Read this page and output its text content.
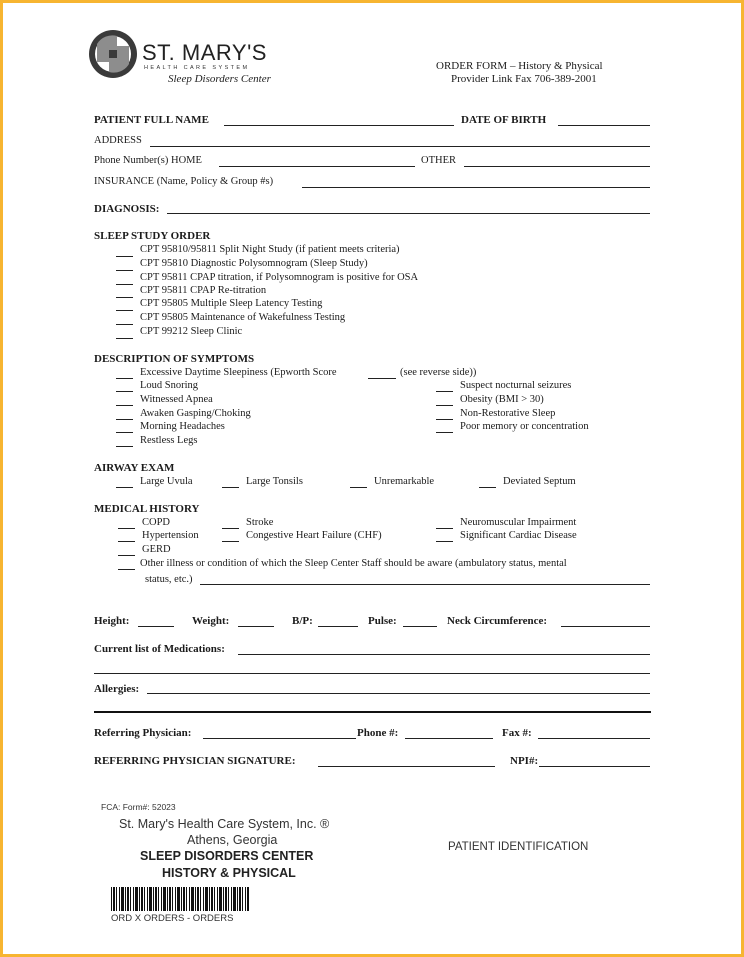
ST. MARY'S
HEALTH CARE SYSTEM
Sleep Disorders Center
ORDER FORM – History & Physical
Provider Link Fax 706-389-2001
PATIENT FULL NAME	DATE OF BIRTH
ADDRESS
Phone Number(s) HOME	OTHER
INSURANCE (Name, Policy & Group #s)
DIAGNOSIS:
SLEEP STUDY ORDER
CPT 95810/95811 Split Night Study (if patient meets criteria)
CPT 95810 Diagnostic Polysomnogram (Sleep Study)
CPT 95811 CPAP titration, if Polysomnogram is positive for OSA
CPT 95811 CPAP Re-titration
CPT 95805 Multiple Sleep Latency Testing
CPT 95805 Maintenance of Wakefulness Testing
CPT 99212 Sleep Clinic
DESCRIPTION OF SYMPTOMS
Excessive Daytime Sleepiness (Epworth Score	(see reverse side))
Loud Snoring
Witnessed Apnea
Awaken Gasping/Choking
Morning Headaches
Restless Legs
Suspect nocturnal seizures
Obesity (BMI > 30)
Non-Restorative Sleep
Poor memory or concentration
AIRWAY EXAM
Large Uvula	Large Tonsils	Unremarkable	Deviated Septum
MEDICAL HISTORY
COPD
Hypertension
GERD
Stroke
Congestive Heart Failure (CHF)
Neuromuscular Impairment
Significant Cardiac Disease
Other illness or condition of which the Sleep Center Staff should be aware (ambulatory status, mental
status, etc.)
Height:	Weight:	B/P:	Pulse:	Neck Circumference:
Current list of Medications:
Allergies:
Referring Physician:	Phone #:	Fax #:
REFERRING PHYSICIAN SIGNATURE:	NPI#:
FCA: Form#: 52023
St. Mary's Health Care System, Inc. ®
Athens, Georgia
SLEEP DISORDERS CENTER
HISTORY & PHYSICAL
PATIENT IDENTIFICATION
ORD X ORDERS - ORDERS
